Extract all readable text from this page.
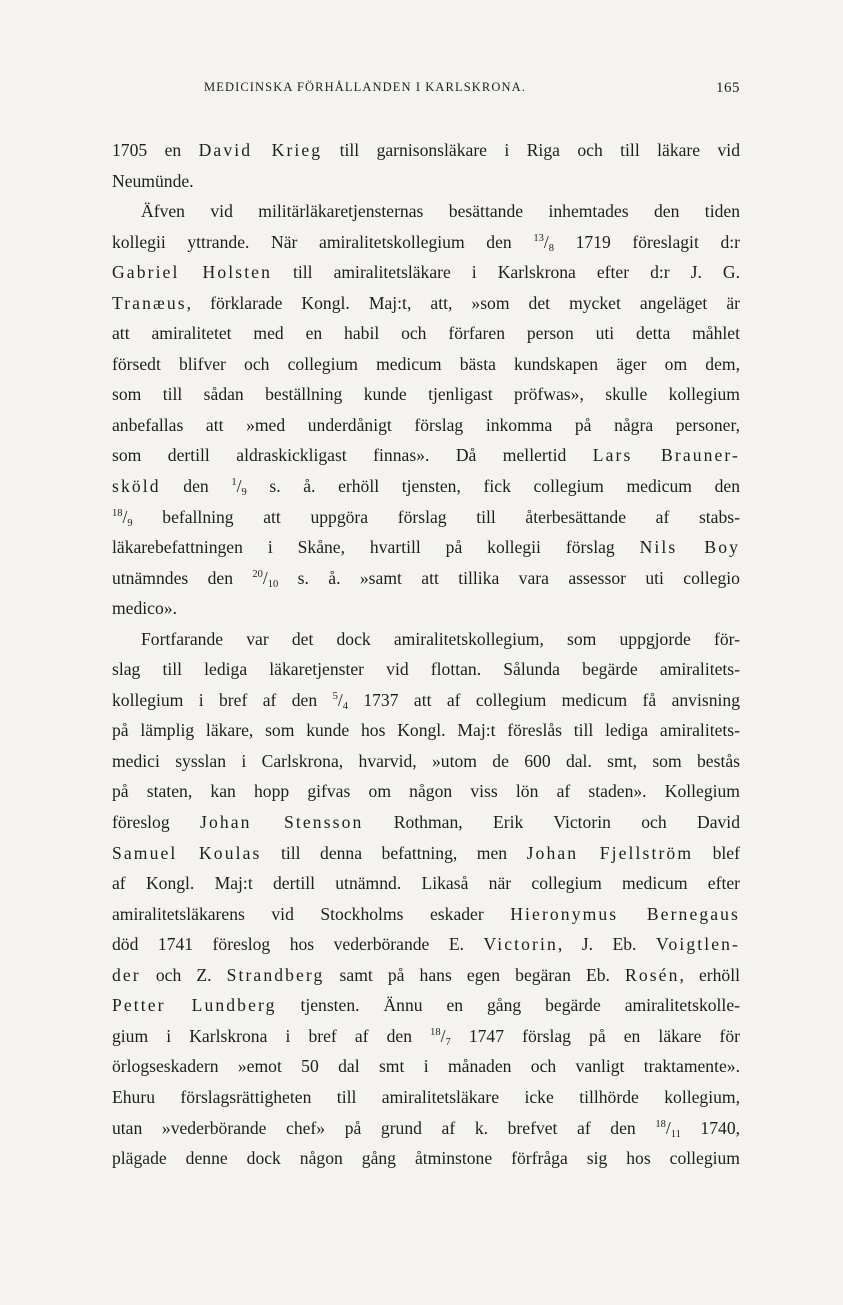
MEDICINSKA FÖRHÅLLANDEN I KARLSKRONA.	165
1705 en David Krieg till garnisonsläkare i Riga och till läkare vid
Neumünde.
Äfven vid militärläkaretjensternas besättande inhemtades den tiden
kollegii yttrande. När amiralitetskollegium den $^{13}/_8$ 1719 föreslagit d:r
Gabriel Holsten till amiralitetsläkare i Karlskrona efter d:r J. G.
Tranæus, förklarade Kongl. Maj:t, att, »som det mycket angeläget är
att amiralitetet med en habil och förfaren person uti detta måhlet
försedt blifver och collegium medicum bästa kundskapen äger om dem,
som till sådan beställning kunde tjenligast pröfwas», skulle kollegium
anbefallas att »med underdånigt förslag inkomma på några personer,
som dertill aldraskickligast finnas». Då mellertid Lars Brauner-
sköld den $^1/_9$ s. å. erhöll tjensten, fick collegium medicum den
$^{18}/_9$ befallning att uppgöra förslag till återbesättande af stabs-
läkarebefattningen i Skåne, hvartill på kollegii förslag Nils Boy
utnämndes den $^{20}/_{10}$ s. å. »samt att tillika vara assessor uti collegio
medico».
Fortfarande var det dock amiralitetskollegium, som uppgjorde för-
slag till lediga läkaretjenster vid flottan. Sålunda begärde amiralitets-
kollegium i bref af den $^5/_4$ 1737 att af collegium medicum få anvisning
på lämplig läkare, som kunde hos Kongl. Maj:t föreslås till lediga amiralitets-
medici sysslan i Carlskrona, hvarvid, »utom de 600 dal. smt, som bestås
på staten, kan hopp gifvas om någon viss lön af staden». Kollegium
föreslog Johan Stensson Rothman, Erik Victorin och David
Samuel Koulas till denna befattning, men Johan Fjellström blef
af Kongl. Maj:t dertill utnämnd. Likaså när collegium medicum efter
amiralitetsläkarens vid Stockholms eskader Hieronymus Bernegaus
död 1741 föreslog hos vederbörande E. Victorin, J. Eb. Voigtlen-
der och Z. Strandberg samt på hans egen begäran Eb. Rosén, erhöll
Petter Lundberg tjensten. Ännu en gång begärde amiralitetskolle-
gium i Karlskrona i bref af den $^{18}/_7$ 1747 förslag på en läkare för
örlogseskadern »emot 50 dal smt i månaden och vanligt traktamente».
Ehuru förslagsrättigheten till amiralitetsläkare icke tillhörde kollegium,
utan »vederbörande chef» på grund af k. brefvet af den $^{18}/_{11}$ 1740,
plägade denne dock någon gång åtminstone förfråga sig hos collegium
